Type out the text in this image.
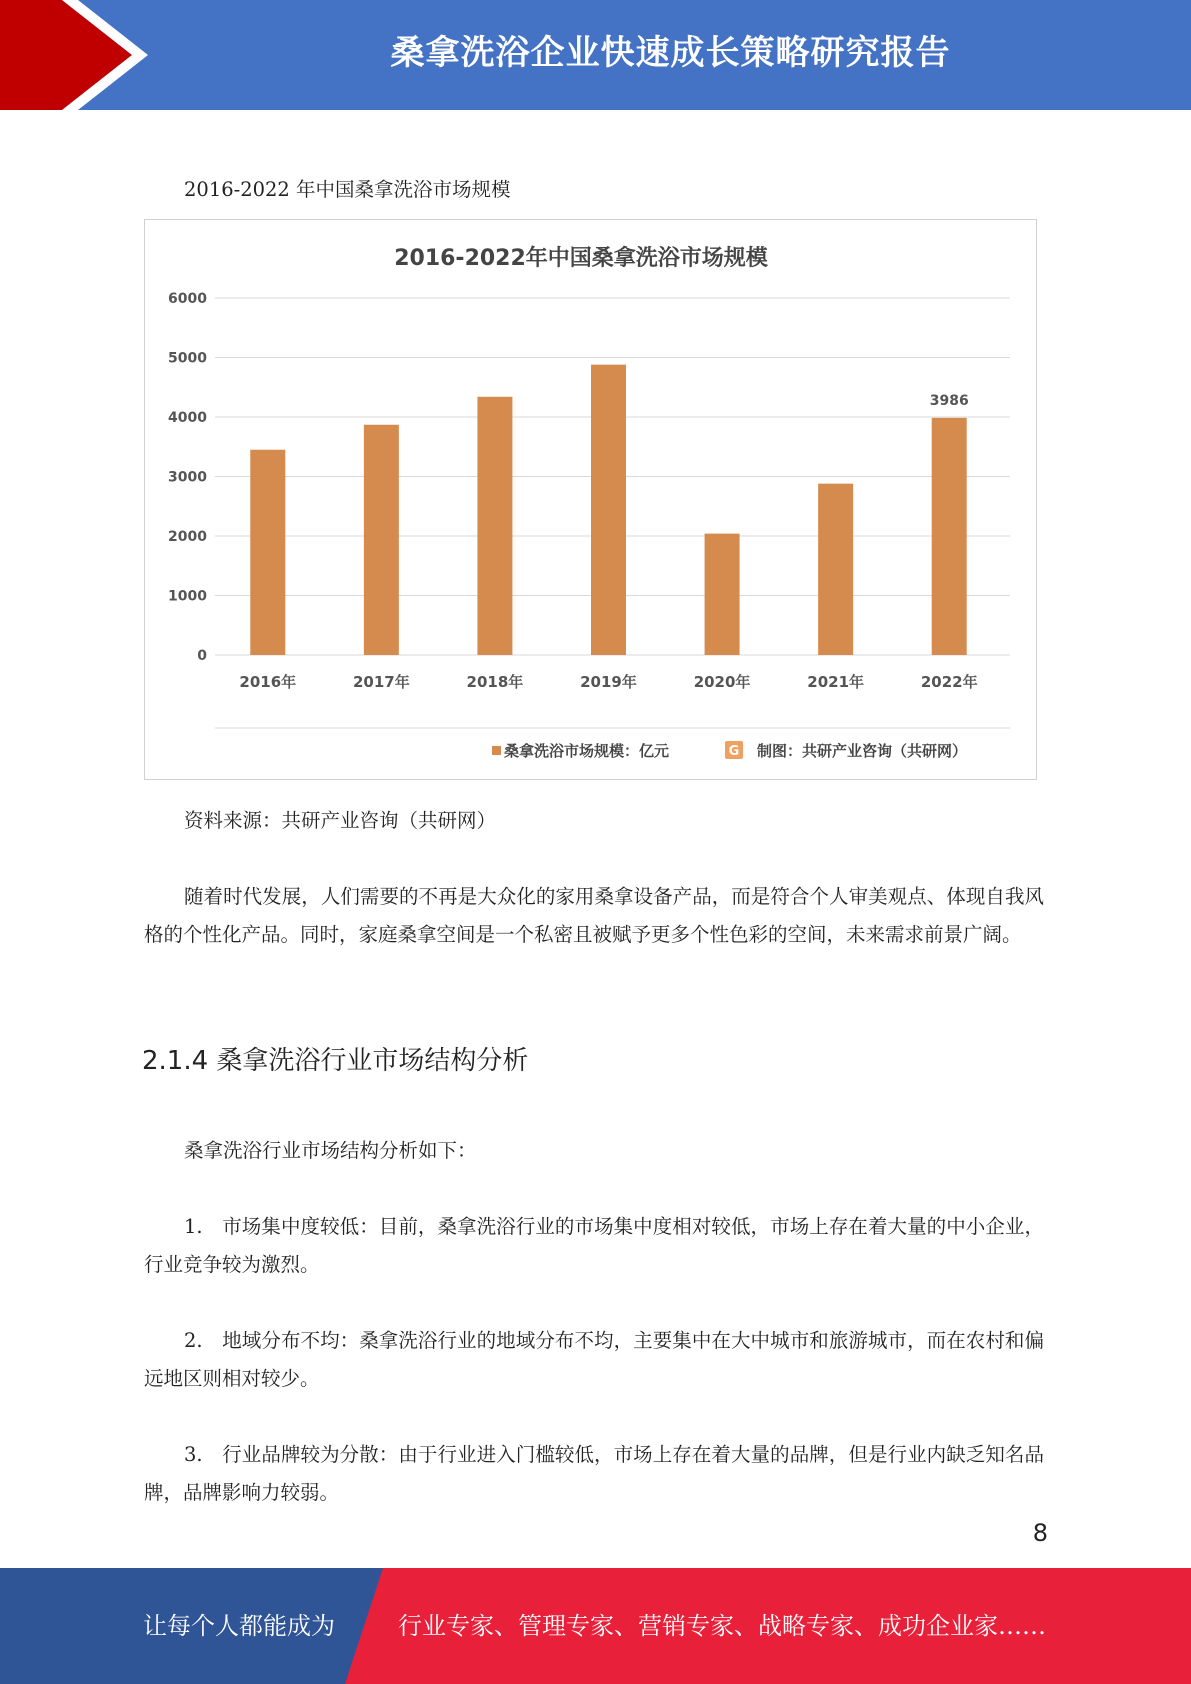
桑拿洗浴企业快速成长策略研究报告
2016-2022 年中国桑拿洗浴市场规模
2016-2022年中国桑拿洗浴市场规模
0
1000
2000
3000
4000
5000
6000
2016年	2017年	2018年	2019年	2020年	2021年	2022年
3986
桑拿洗浴市场规模：亿元	G 制图：共研产业咨询（共研网）
资料来源：共研产业咨询（共研网）
随着时代发展，人们需要的不再是大众化的家用桑拿设备产品，而是符合个人审美观点、体现自我风格的个性化产品。同时，家庭桑拿空间是一个私密且被赋予更多个性色彩的空间，未来需求前景广阔。
2.1.4 桑拿洗浴行业市场结构分析
桑拿洗浴行业市场结构分析如下：
1.　市场集中度较低：目前，桑拿洗浴行业的市场集中度相对较低，市场上存在着大量的中小企业，行业竞争较为激烈。
2.　地域分布不均：桑拿洗浴行业的地域分布不均，主要集中在大中城市和旅游城市，而在农村和偏远地区则相对较少。
3.　行业品牌较为分散：由于行业进入门槛较低，市场上存在着大量的品牌，但是行业内缺乏知名品牌，品牌影响力较弱。
8
让每个人都能成为	行业专家、管理专家、营销专家、战略专家、成功企业家……
